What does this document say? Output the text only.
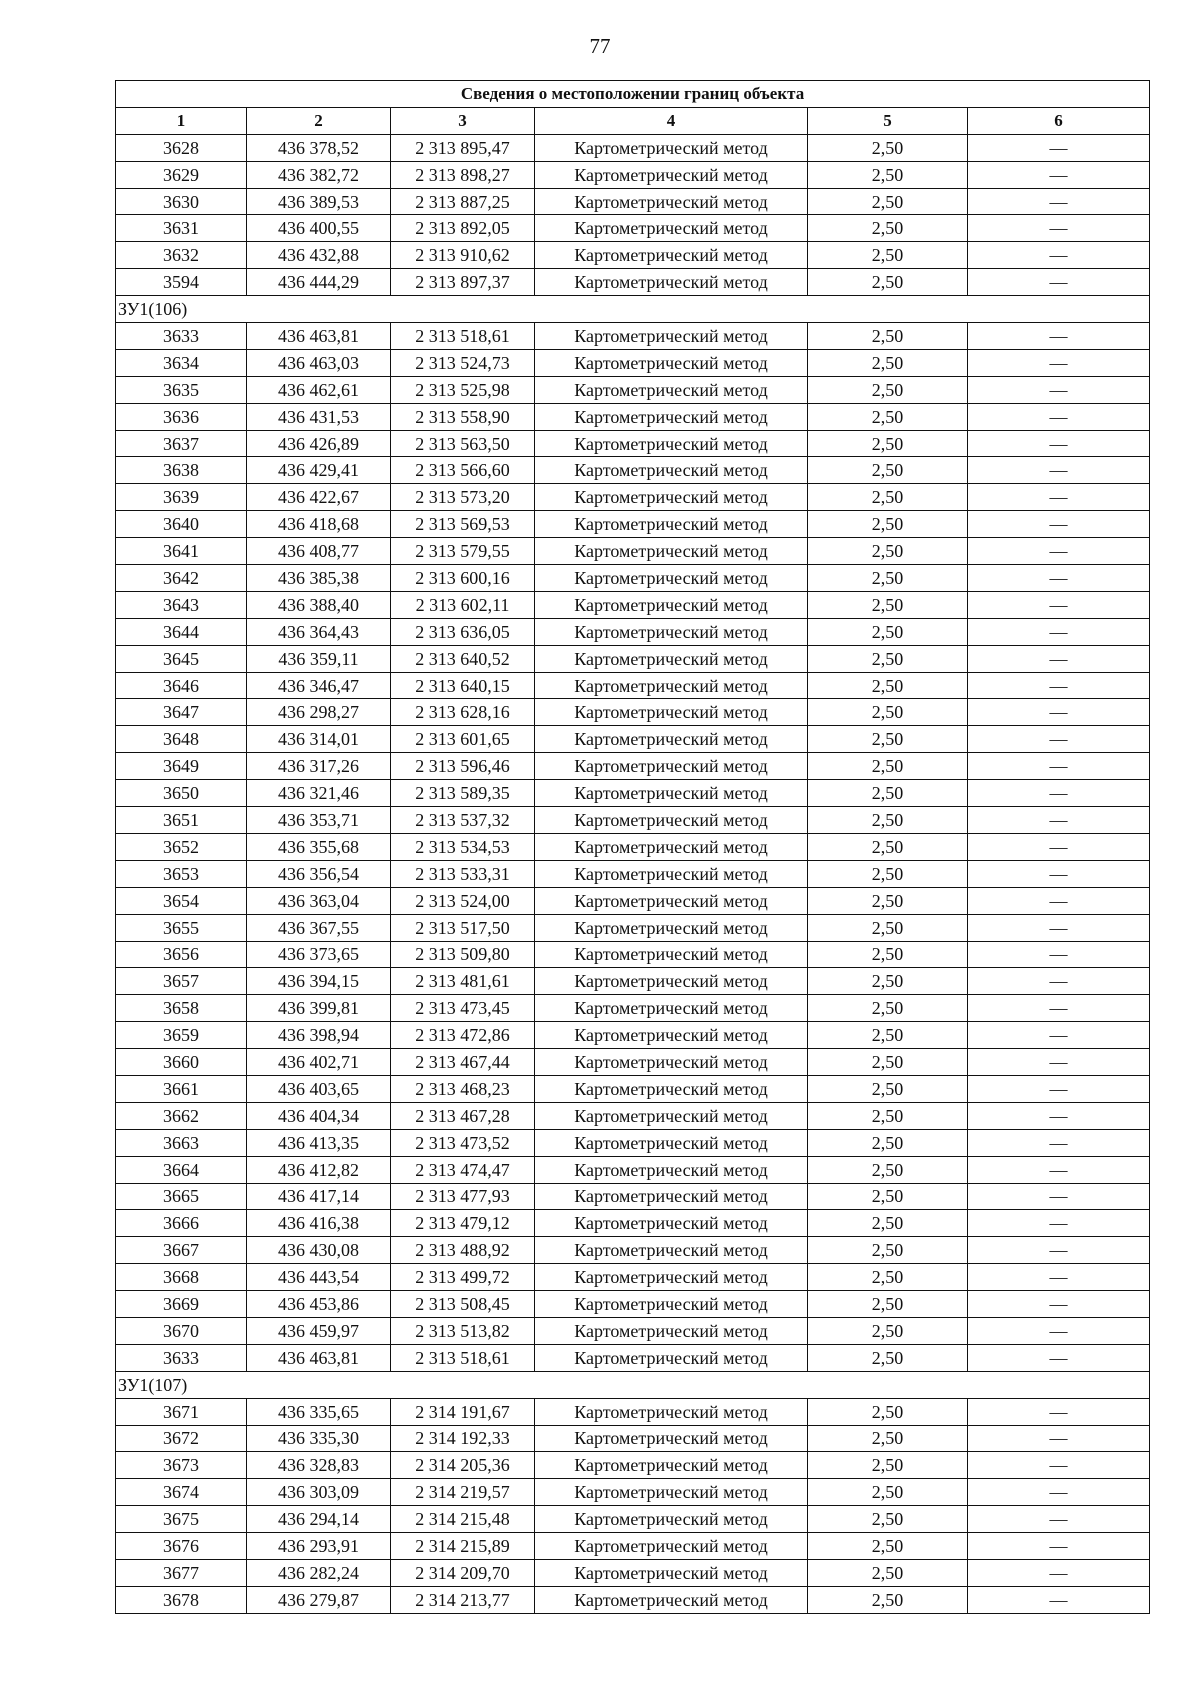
77
Сведения о местоположении границ объекта					
1	2	3	4	5	6
3628	436 378,52	2 313 895,47	Картометрический метод	2,50	—
3629	436 382,72	2 313 898,27	Картометрический метод	2,50	—
3630	436 389,53	2 313 887,25	Картометрический метод	2,50	—
3631	436 400,55	2 313 892,05	Картометрический метод	2,50	—
3632	436 432,88	2 313 910,62	Картометрический метод	2,50	—
3594	436 444,29	2 313 897,37	Картометрический метод	2,50	—
ЗУ1(106)					
3633	436 463,81	2 313 518,61	Картометрический метод	2,50	—
3634	436 463,03	2 313 524,73	Картометрический метод	2,50	—
3635	436 462,61	2 313 525,98	Картометрический метод	2,50	—
3636	436 431,53	2 313 558,90	Картометрический метод	2,50	—
3637	436 426,89	2 313 563,50	Картометрический метод	2,50	—
3638	436 429,41	2 313 566,60	Картометрический метод	2,50	—
3639	436 422,67	2 313 573,20	Картометрический метод	2,50	—
3640	436 418,68	2 313 569,53	Картометрический метод	2,50	—
3641	436 408,77	2 313 579,55	Картометрический метод	2,50	—
3642	436 385,38	2 313 600,16	Картометрический метод	2,50	—
3643	436 388,40	2 313 602,11	Картометрический метод	2,50	—
3644	436 364,43	2 313 636,05	Картометрический метод	2,50	—
3645	436 359,11	2 313 640,52	Картометрический метод	2,50	—
3646	436 346,47	2 313 640,15	Картометрический метод	2,50	—
3647	436 298,27	2 313 628,16	Картометрический метод	2,50	—
3648	436 314,01	2 313 601,65	Картометрический метод	2,50	—
3649	436 317,26	2 313 596,46	Картометрический метод	2,50	—
3650	436 321,46	2 313 589,35	Картометрический метод	2,50	—
3651	436 353,71	2 313 537,32	Картометрический метод	2,50	—
3652	436 355,68	2 313 534,53	Картометрический метод	2,50	—
3653	436 356,54	2 313 533,31	Картометрический метод	2,50	—
3654	436 363,04	2 313 524,00	Картометрический метод	2,50	—
3655	436 367,55	2 313 517,50	Картометрический метод	2,50	—
3656	436 373,65	2 313 509,80	Картометрический метод	2,50	—
3657	436 394,15	2 313 481,61	Картометрический метод	2,50	—
3658	436 399,81	2 313 473,45	Картометрический метод	2,50	—
3659	436 398,94	2 313 472,86	Картометрический метод	2,50	—
3660	436 402,71	2 313 467,44	Картометрический метод	2,50	—
3661	436 403,65	2 313 468,23	Картометрический метод	2,50	—
3662	436 404,34	2 313 467,28	Картометрический метод	2,50	—
3663	436 413,35	2 313 473,52	Картометрический метод	2,50	—
3664	436 412,82	2 313 474,47	Картометрический метод	2,50	—
3665	436 417,14	2 313 477,93	Картометрический метод	2,50	—
3666	436 416,38	2 313 479,12	Картометрический метод	2,50	—
3667	436 430,08	2 313 488,92	Картометрический метод	2,50	—
3668	436 443,54	2 313 499,72	Картометрический метод	2,50	—
3669	436 453,86	2 313 508,45	Картометрический метод	2,50	—
3670	436 459,97	2 313 513,82	Картометрический метод	2,50	—
3633	436 463,81	2 313 518,61	Картометрический метод	2,50	—
ЗУ1(107)					
3671	436 335,65	2 314 191,67	Картометрический метод	2,50	—
3672	436 335,30	2 314 192,33	Картометрический метод	2,50	—
3673	436 328,83	2 314 205,36	Картометрический метод	2,50	—
3674	436 303,09	2 314 219,57	Картометрический метод	2,50	—
3675	436 294,14	2 314 215,48	Картометрический метод	2,50	—
3676	436 293,91	2 314 215,89	Картометрический метод	2,50	—
3677	436 282,24	2 314 209,70	Картометрический метод	2,50	—
3678	436 279,87	2 314 213,77	Картометрический метод	2,50	—
